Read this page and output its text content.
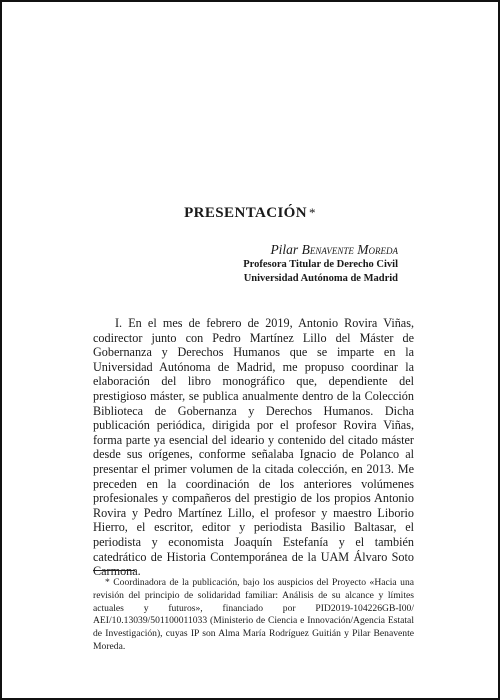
PRESENTACIÓN *
Pilar Benavente Moreda
Profesora Titular de Derecho Civil
Universidad Autónoma de Madrid

I. En el mes de febrero de 2019, Antonio Rovira Viñas, codirector junto con Pedro Martínez Lillo del Máster de Gobernanza y Derechos Humanos que se imparte en la Universidad Autónoma de Madrid, me propuso coordinar la elaboración del libro monográfico que, dependiente del prestigioso máster, se publica anualmente dentro de la Colección Biblioteca de Gobernanza y Derechos Humanos. Dicha publicación periódica, dirigida por el profesor Rovira Viñas, forma parte ya esencial del ideario y contenido del citado máster desde sus orígenes, conforme señalaba Ignacio de Polanco al presentar el primer volumen de la citada colección, en 2013. Me preceden en la coordinación de los anteriores volúmenes profesionales y compañeros del prestigio de los propios Antonio Rovira y Pedro Martínez Lillo, el profesor y maestro Liborio Hierro, el escritor, editor y periodista Basilio Baltasar, el periodista y economista Joaquín Estefanía y el también catedrático de Historia Contemporánea de la UAM Álvaro Soto Carmona.

* Coordinadora de la publicación, bajo los auspicios del Proyecto «Hacia una revisión del principio de solidaridad familiar: Análisis de su alcance y límites actuales y futuros», financiado por PID2019-104226GB-I00/ AEI/10.13039/501100011033 (Ministerio de Ciencia e Innovación/Agencia Estatal de Investigación), cuyas IP son Alma María Rodríguez Guitián y Pilar Benavente Moreda.
